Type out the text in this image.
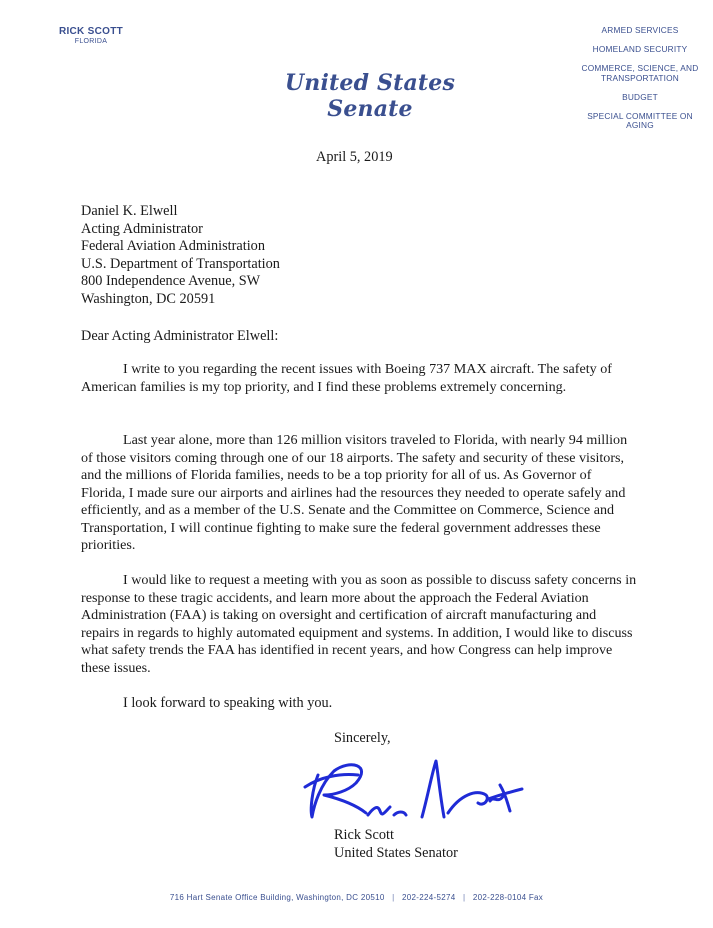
RICK SCOTT
FLORIDA
United States Senate
ARMED SERVICES
HOMELAND SECURITY
COMMERCE, SCIENCE, AND TRANSPORTATION
BUDGET
SPECIAL COMMITTEE ON AGING
April 5, 2019
Daniel K. Elwell
Acting Administrator
Federal Aviation Administration
U.S. Department of Transportation
800 Independence Avenue, SW
Washington, DC 20591
Dear Acting Administrator Elwell:

I write to you regarding the recent issues with Boeing 737 MAX aircraft. The safety of American families is my top priority, and I find these problems extremely concerning.

Last year alone, more than 126 million visitors traveled to Florida, with nearly 94 million of those visitors coming through one of our 18 airports. The safety and security of these visitors, and the millions of Florida families, needs to be a top priority for all of us. As Governor of Florida, I made sure our airports and airlines had the resources they needed to operate safely and efficiently, and as a member of the U.S. Senate and the Committee on Commerce, Science and Transportation, I will continue fighting to make sure the federal government addresses these priorities.

I would like to request a meeting with you as soon as possible to discuss safety concerns in response to these tragic accidents, and learn more about the approach the Federal Aviation Administration (FAA) is taking on oversight and certification of aircraft manufacturing and repairs in regards to highly automated equipment and systems. In addition, I would like to discuss what safety trends the FAA has identified in recent years, and how Congress can help improve these issues.

I look forward to speaking with you.
Sincerely,
Rick Scott
United States Senator
716 Hart Senate Office Building, Washington, DC 20510 | 202-224-5274 | 202-228-0104 Fax
